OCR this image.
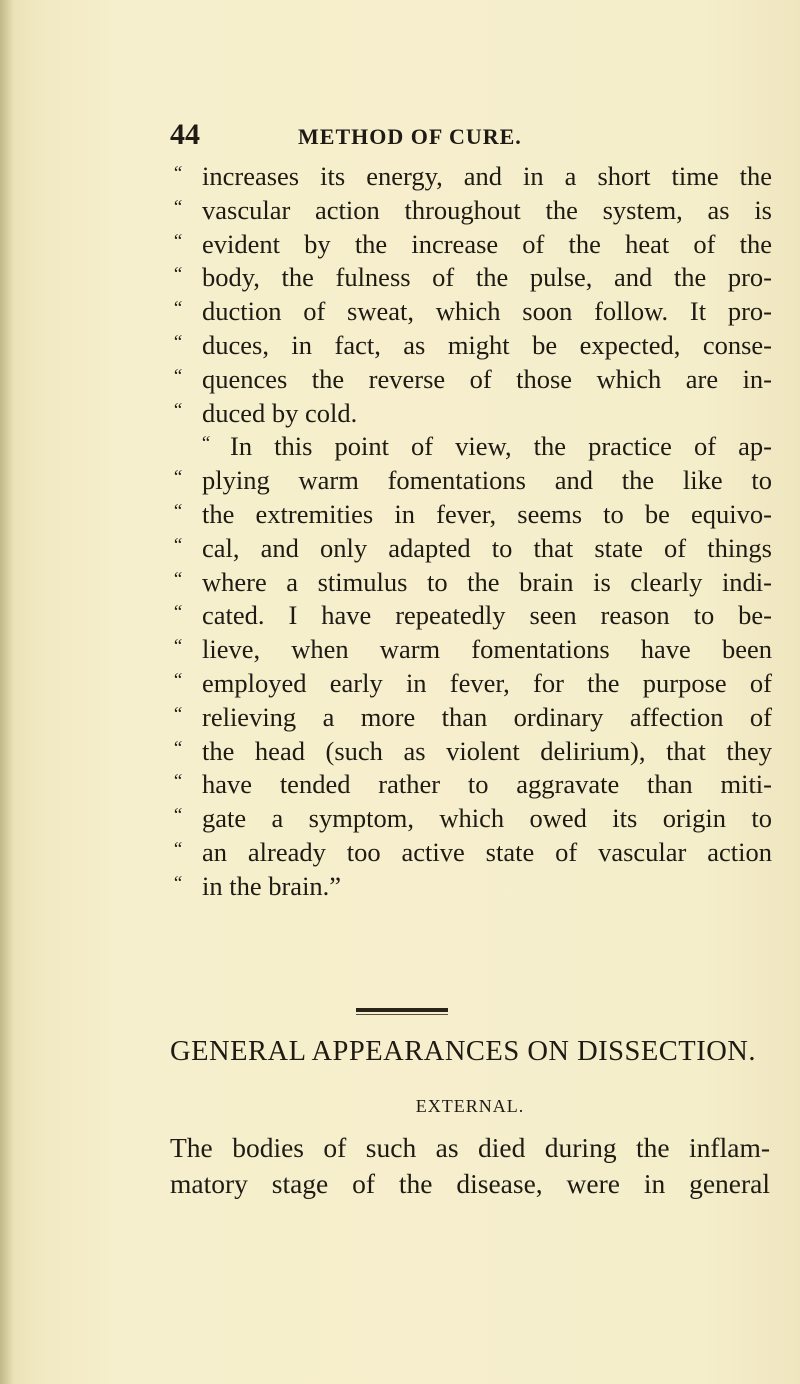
44	METHOD OF CURE.
“ increases its energy, and in a short time the
“ vascular action throughout the system, as is
“ evident by the increase of the heat of the
“ body, the fulness of the pulse, and the pro-
“ duction of sweat, which soon follow. It pro-
“ duces, in fact, as might be expected, conse-
“ quences the reverse of those which are in-
“ duced by cold.
“ In this point of view, the practice of ap-
“ plying warm fomentations and the like to
“ the extremities in fever, seems to be equivo-
“ cal, and only adapted to that state of things
“ where a stimulus to the brain is clearly indi-
“ cated. I have repeatedly seen reason to be-
“ lieve, when warm fomentations have been
“ employed early in fever, for the purpose of
“ relieving a more than ordinary affection of
“ the head (such as violent delirium), that they
“ have tended rather to aggravate than miti-
“ gate a symptom, which owed its origin to
“ an already too active state of vascular action
“ in the brain.”
GENERAL APPEARANCES ON DISSECTION.
EXTERNAL.
The bodies of such as died during the inflam-
matory stage of the disease, were in general
